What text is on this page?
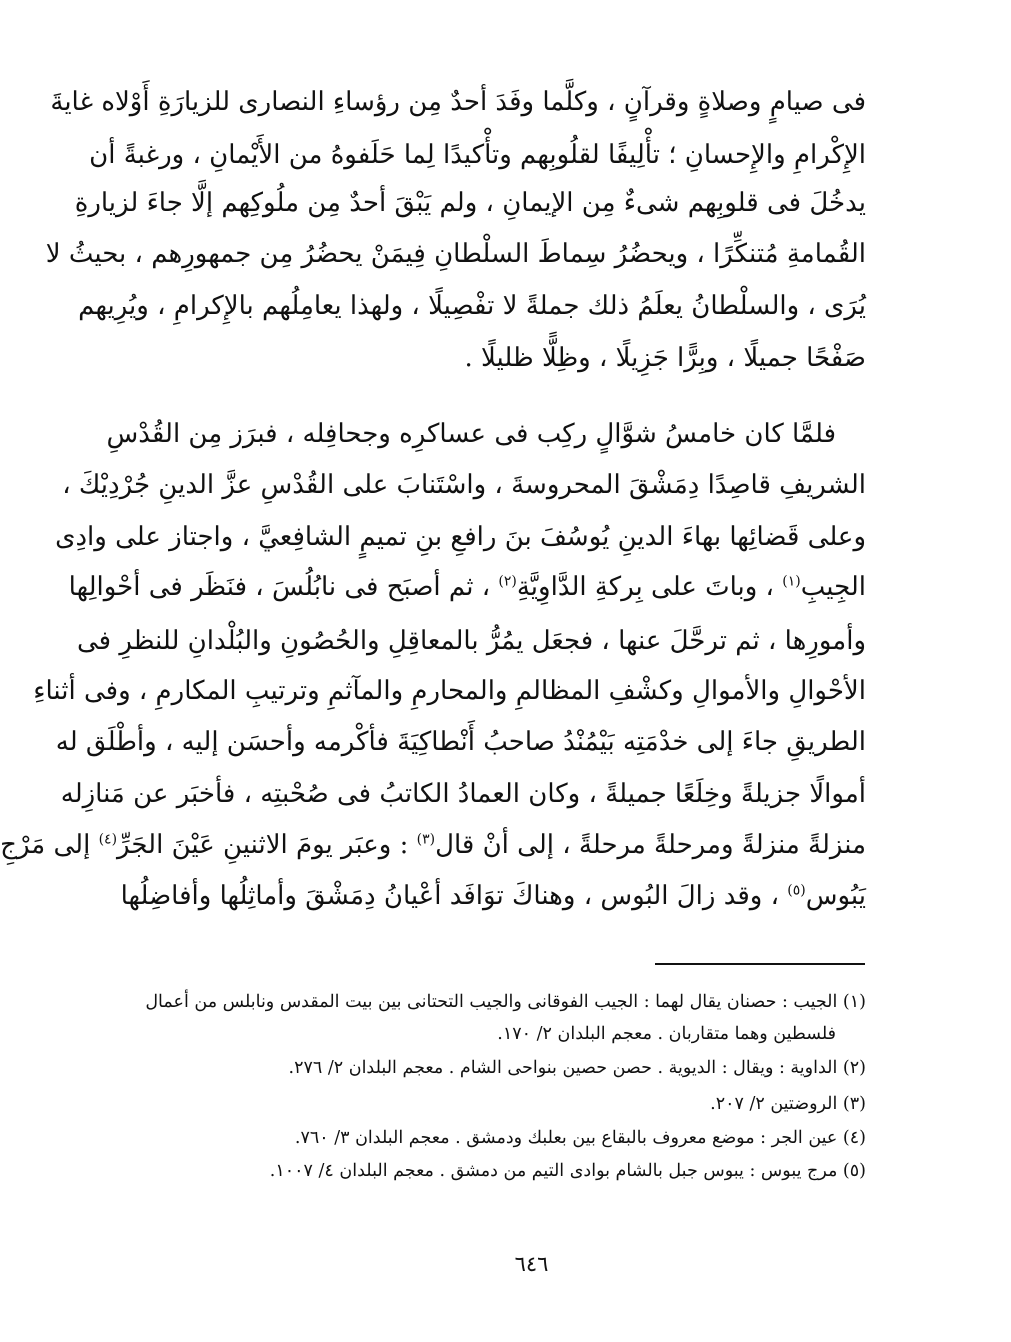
فى صيامٍ وصلاةٍ وقرآنٍ ، وكلَّما وفَدَ أحدٌ مِن رؤساءِ النصارى للزيارَةِ أَوْلاه غايةَ
الإِكْرامِ والإِحسانِ ؛ تأْلِيفًا لقلُوبِهم وتأْكيدًا لِما حَلَفوهُ من الأَيْمانِ ، ورغبةً أن
يدخُلَ فى قلوبِهم شىءٌ مِن الإيمانِ ، ولم يَبْقَ أحدٌ مِن ملُوكِهم إلَّا جاءَ لزيارةِ
القُمامةِ مُتنكِّرًا ، ويحضُرُ سِماطَ السلْطانِ فِيمَنْ يحضُرُ مِن جمهورِهم ، بحيثُ لا
يُرَى ، والسلْطانُ يعلَمُ ذلك جملةً لا تفْصِيلًا ، ولهذا يعامِلُهم بالإِكرامِ ، ويُرِيهم
صَفْحًا جميلًا ، وبِرًّا جَزِيلًا ، وظِلًّا ظليلًا .
فلمَّا كان خامسُ شوَّالٍ ركِب فى عساكرِه وجحافِله ، فبرَز مِن القُدْسِ
الشريفِ قاصِدًا دِمَشْقَ المحروسةَ ، واسْتَنابَ على القُدْسِ عزَّ الدينِ جُرْدِيْكَ ،
وعلى قَضائِها بهاءَ الدينِ يُوسُفَ بنَ رافعِ بنِ تميمٍ الشافِعيَّ ، واجتاز على وادِى
الجِيبِ$^{(١)}$ ، وباتَ على بِركةِ الدَّاوِيَّةِ$^{(٢)}$ ، ثم أصبَح فى نابُلُسَ ، فنَظَر فى أحْوالِها
وأمورِها ، ثم ترحَّلَ عنها ، فجعَل يمُرُّ بالمعاقِلِ والحُصُونِ والبُلْدانِ للنظرِ فى
الأحْوالِ والأموالِ وكشْفِ المظالمِ والمحارمِ والمآثمِ وترتيبِ المكارمِ ، وفى أثناءِ
الطريقِ جاءَ إلى خدْمَتِه بَيْمُنْدُ صاحبُ أَنْطاكِيَةَ فأكْرمه وأحسَن إليه ، وأطْلَق له
أموالًا جزيلةً وخِلَعًا جميلةً ، وكان العمادُ الكاتبُ فى صُحْبتِه ، فأخبَر عن مَنازِله
منزلةً منزلةً ومرحلةً مرحلةً ، إلى أنْ قال$^{(٣)}$ : وعبَر يومَ الاثنينِ عَيْنَ الجَرِّ$^{(٤)}$ إلى مَرْجِ
يَبُوس$^{(٥)}$ ، وقد زالَ البُوس ، وهناكَ توَافَد أعْيانُ دِمَشْقَ وأماثِلُها وأفاضِلُها
(١) الجيب : حصنان يقال لهما : الجيب الفوقانى والجيب التحتانى بين بيت المقدس ونابلس من أعمال
فلسطين وهما متقاربان . معجم البلدان ٢/ ١٧٠.
(٢) الداوية : ويقال : الديوية . حصن حصين بنواحى الشام . معجم البلدان ٢/ ٢٧٦.
(٣) الروضتين ٢/ ٢٠٧.
(٤) عين الجر : موضع معروف بالبقاع بين بعلبك ودمشق . معجم البلدان ٣/ ٧٦٠.
(٥) مرج يبوس : يبوس جبل بالشام بوادى التيم من دمشق . معجم البلدان ٤/ ١٠٠٧.
٦٤٦
